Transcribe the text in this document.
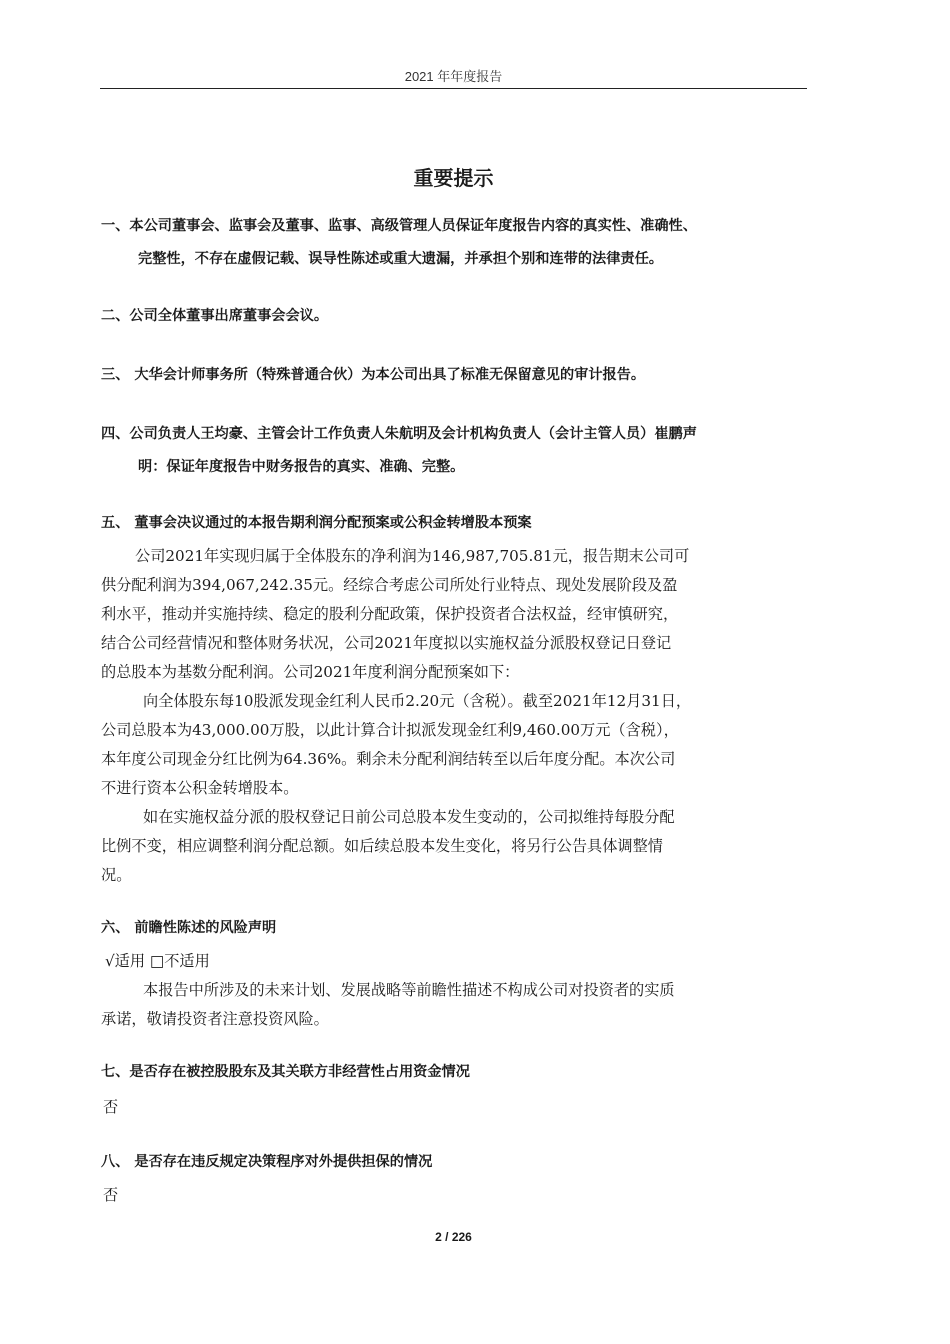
2021 年年度报告
重要提示
一、本公司董事会、监事会及董事、监事、高级管理人员保证年度报告内容的真实性、准确性、
完整性，不存在虚假记载、误导性陈述或重大遗漏，并承担个别和连带的法律责任。
二、公司全体董事出席董事会会议。
三、 大华会计师事务所（特殊普通合伙）为本公司出具了标准无保留意见的审计报告。
四、公司负责人王均豪、主管会计工作负责人朱航明及会计机构负责人（会计主管人员）崔鹏声
明：保证年度报告中财务报告的真实、准确、完整。
五、 董事会决议通过的本报告期利润分配预案或公积金转增股本预案
公司2021年实现归属于全体股东的净利润为146,987,705.81元，报告期末公司可
供分配利润为394,067,242.35元。经综合考虑公司所处行业特点、现处发展阶段及盈
利水平，推动并实施持续、稳定的股利分配政策，保护投资者合法权益，经审慎研究，
结合公司经营情况和整体财务状况，公司2021年度拟以实施权益分派股权登记日登记
的总股本为基数分配利润。公司2021年度利润分配预案如下：
向全体股东每10股派发现金红利人民币2.20元（含税）。截至2021年12月31日，
公司总股本为43,000.00万股，以此计算合计拟派发现金红利9,460.00万元（含税），
本年度公司现金分红比例为64.36%。剩余未分配利润结转至以后年度分配。本次公司
不进行资本公积金转增股本。
如在实施权益分派的股权登记日前公司总股本发生变动的，公司拟维持每股分配
比例不变，相应调整利润分配总额。如后续总股本发生变化，将另行公告具体调整情
况。
六、 前瞻性陈述的风险声明
√适用 □不适用
本报告中所涉及的未来计划、发展战略等前瞻性描述不构成公司对投资者的实质
承诺，敬请投资者注意投资风险。
七、是否存在被控股股东及其关联方非经营性占用资金情况
否
八、 是否存在违反规定决策程序对外提供担保的情况
否
2 / 226
